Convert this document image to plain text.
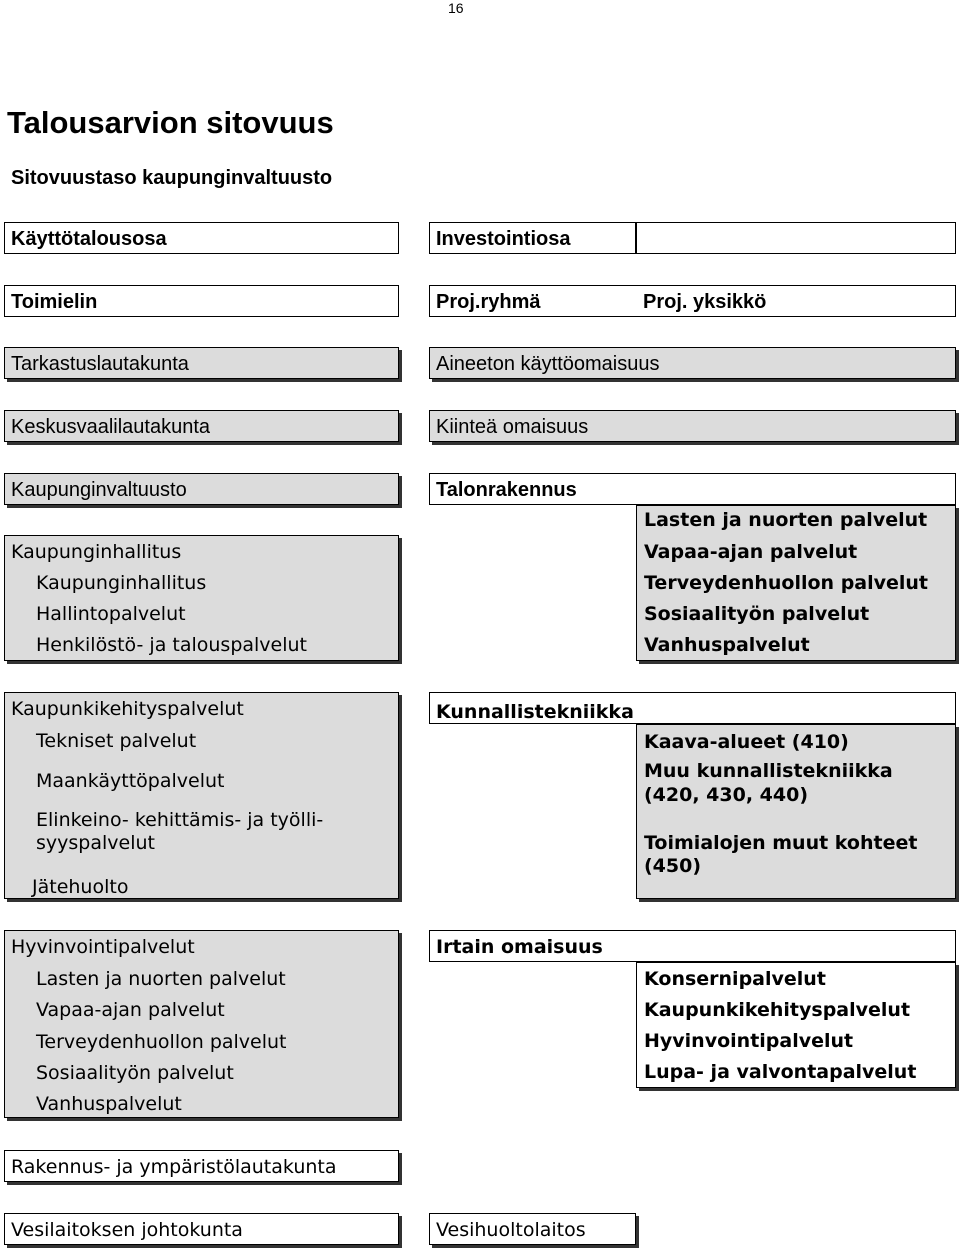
16
Talousarvion sitovuus
Sitovuustaso kaupunginvaltuusto
Käyttötalousosa	Investointiosa
Toimielin	Proj.ryhmä	Proj. yksikkö
Tarkastuslautakunta
Keskusvaalilautakunta
Kaupunginvaltuusto
Aineeton käyttöomaisuus
Kiinteä omaisuus
Kaupunginhallitus
Kaupunginhallitus
Hallintopalvelut
Henkilöstö- ja talouspalvelut
Talonrakennus
Lasten ja nuorten palvelut
Vapaa-ajan palvelut
Terveydenhuollon palvelut
Sosiaalityön palvelut
Vanhuspalvelut
Kaupunkikehityspalvelut
Tekniset palvelut
Maankäyttöpalvelut
Elinkeino- kehittämis- ja työlli-
syyspalvelut
Jätehuolto
Kunnallistekniikka
Kaava-alueet (410)
Muu kunnallistekniikka
(420, 430, 440)
Toimialojen muut kohteet
(450)
Hyvinvointipalvelut
Lasten ja nuorten palvelut
Vapaa-ajan palvelut
Terveydenhuollon palvelut
Sosiaalityön palvelut
Vanhuspalvelut
Irtain omaisuus
Konsernipalvelut
Kaupunkikehityspalvelut
Hyvinvointipalvelut
Lupa- ja valvontapalvelut
Rakennus- ja ympäristölautakunta
Vesilaitoksen johtokunta	Vesihuoltolaitos
